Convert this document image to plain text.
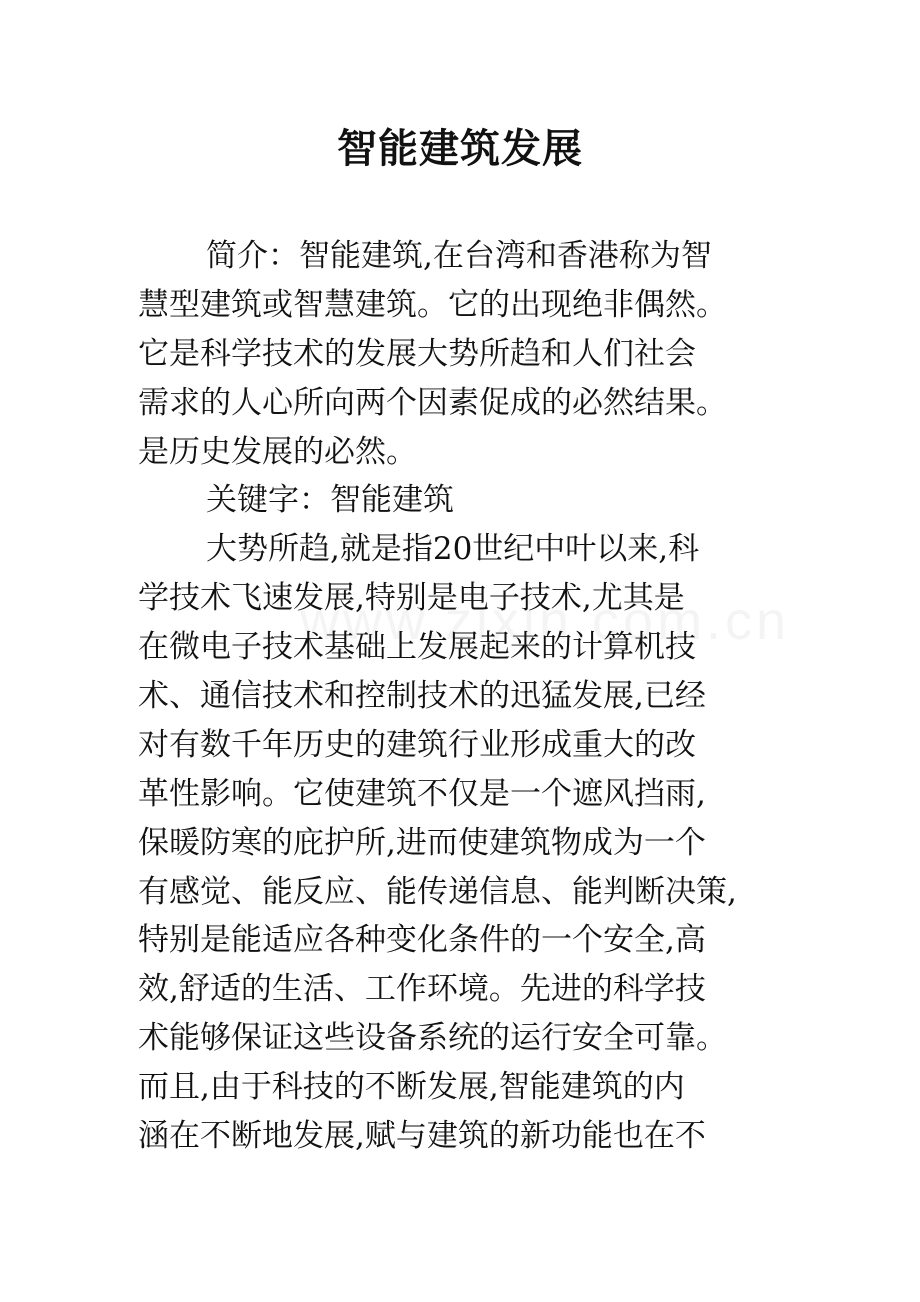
智能建筑发展
简介：智能建筑,在台湾和香港称为智
慧型建筑或智慧建筑。它的出现绝非偶然。
它是科学技术的发展大势所趋和人们社会
需求的人心所向两个因素促成的必然结果。
是历史发展的必然。
关键字：智能建筑
大势所趋,就是指20世纪中叶以来,科
学技术飞速发展,特别是电子技术,尤其是
在微电子技术基础上发展起来的计算机技
术、通信技术和控制技术的迅猛发展,已经
对有数千年历史的建筑行业形成重大的改
革性影响。它使建筑不仅是一个遮风挡雨,
保暖防寒的庇护所,进而使建筑物成为一个
有感觉、能反应、能传递信息、能判断决策,
特别是能适应各种变化条件的一个安全,高
效,舒适的生活、工作环境。先进的科学技
术能够保证这些设备系统的运行安全可靠。
而且,由于科技的不断发展,智能建筑的内
涵在不断地发展,赋与建筑的新功能也在不
